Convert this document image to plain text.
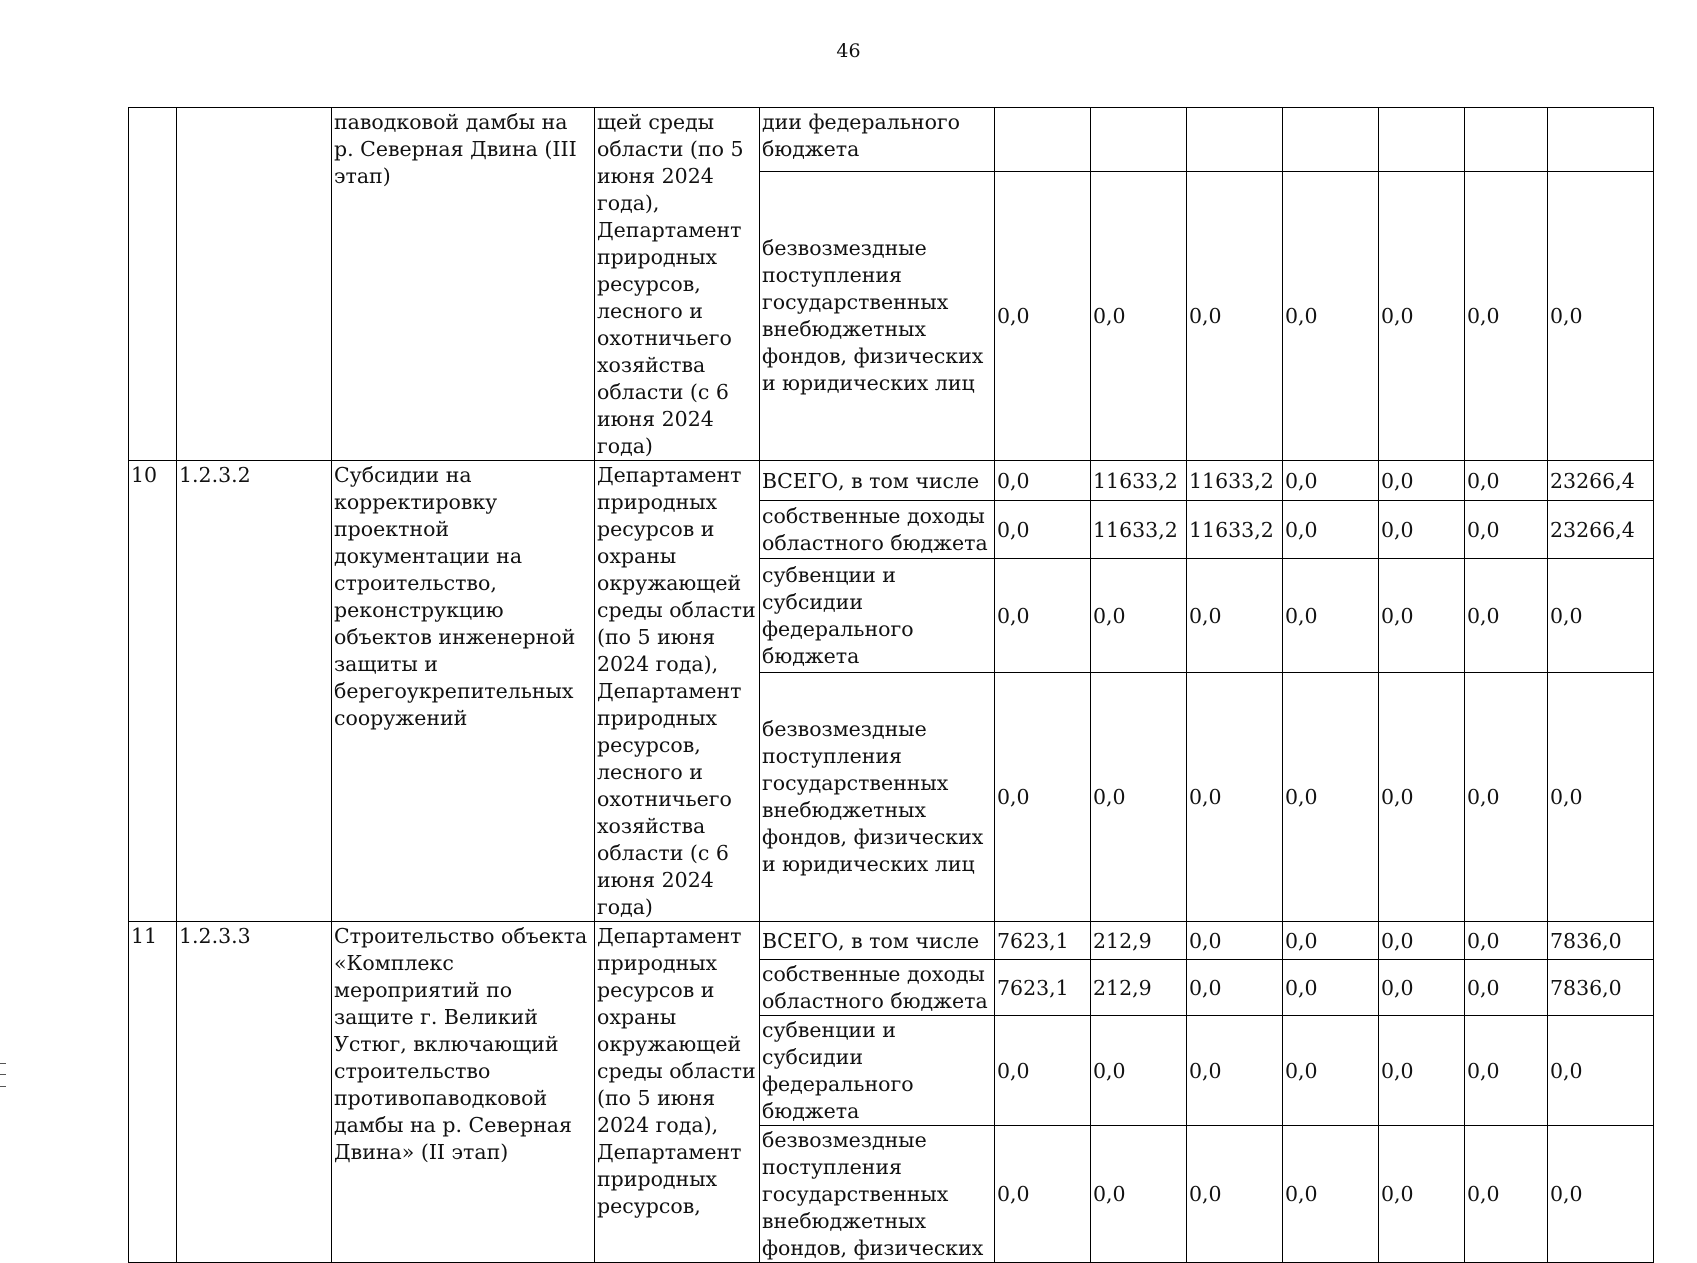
46
		паводковой дамбы на р. Северная Двина (III этап)	щей среды области (по 5 июня 2024 года), Департамент природных ресурсов, лесного и охотничьего хозяйства области (с 6 июня 2024 года)	дии федерального бюджета							
				безвозмездные поступления государственных внебюджетных фондов, физических и юридических лиц	0,0	0,0	0,0	0,0	0,0	0,0	0,0
10	1.2.3.2	Субсидии на корректировку проектной документации на строительство, реконструкцию объектов инженерной защиты и берегоукрепительных сооружений	Департамент природных ресурсов и охраны окружающей среды области (по 5 июня 2024 года), Департамент природных ресурсов, лесного и охотничьего хозяйства области (с 6 июня 2024 года)	ВСЕГО, в том числе	0,0	11633,2	11633,2	0,0	0,0	0,0	23266,4
				собственные доходы областного бюджета	0,0	11633,2	11633,2	0,0	0,0	0,0	23266,4
				субвенции и субсидии федерального бюджета	0,0	0,0	0,0	0,0	0,0	0,0	0,0
				безвозмездные поступления государственных внебюджетных фондов, физических и юридических лиц	0,0	0,0	0,0	0,0	0,0	0,0	0,0
11	1.2.3.3	Строительство объекта «Комплекс мероприятий по защите г. Великий Устюг, включающий строительство противопаводковой дамбы на р. Северная Двина» (II этап)	Департамент природных ресурсов и охраны окружающей среды области (по 5 июня 2024 года), Департамент природных ресурсов,	ВСЕГО, в том числе	7623,1	212,9	0,0	0,0	0,0	0,0	7836,0
				собственные доходы областного бюджета	7623,1	212,9	0,0	0,0	0,0	0,0	7836,0
				субвенции и субсидии федерального бюджета	0,0	0,0	0,0	0,0	0,0	0,0	0,0
				безвозмездные поступления государственных внебюджетных фондов, физических	0,0	0,0	0,0	0,0	0,0	0,0	0,0
